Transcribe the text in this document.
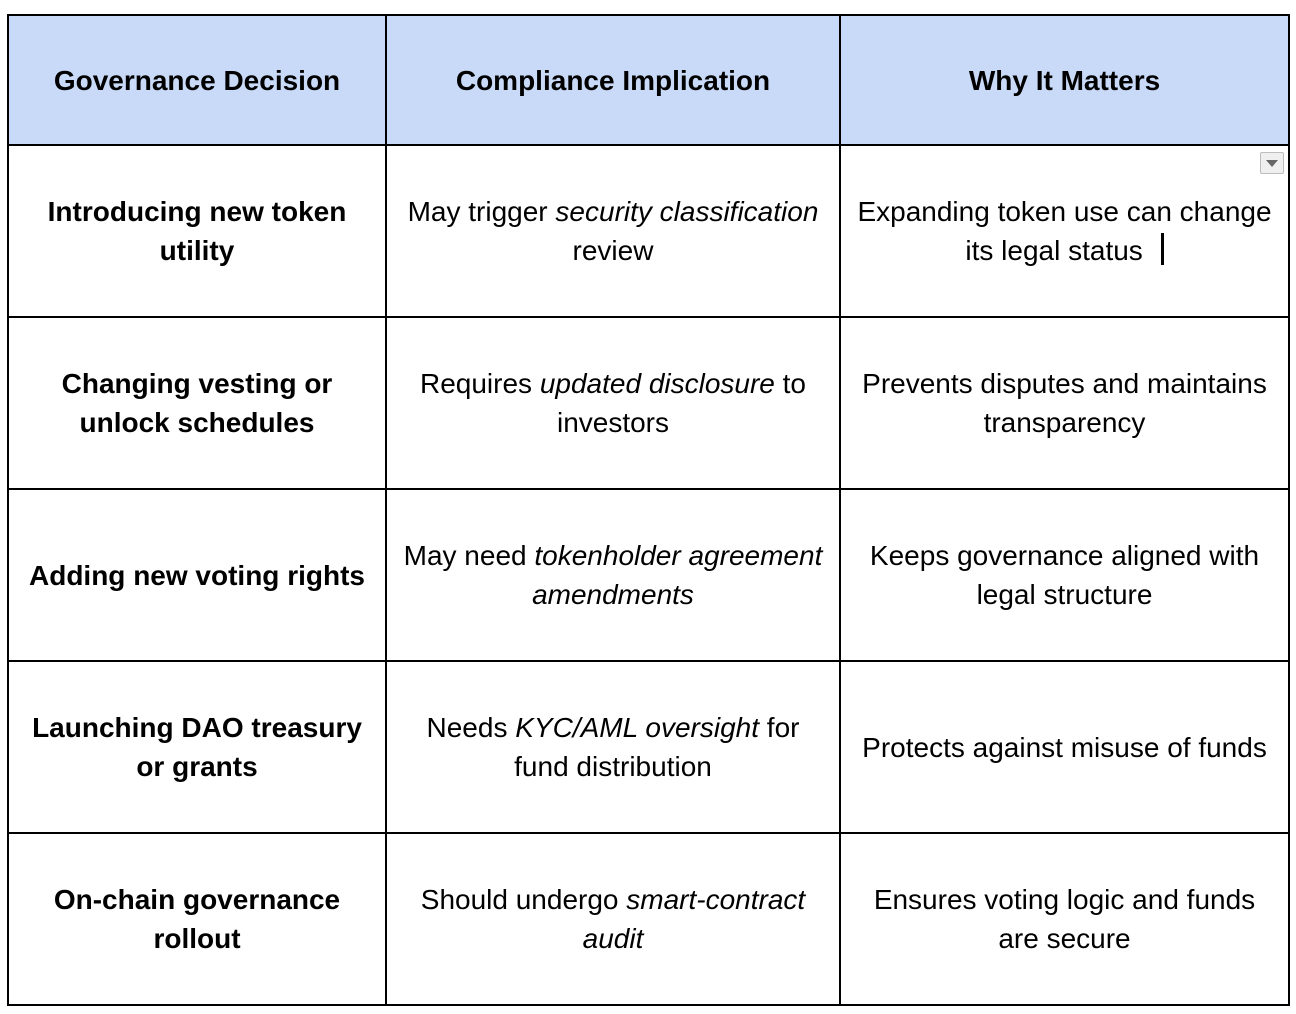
Governance Decision	Compliance Implication	Why It Matters
Introducing new token utility	May trigger security classification review	Expanding token use can change its legal status

Changing vesting or unlock schedules	Requires updated disclosure to investors	Prevents disputes and maintains transparency
Adding new voting rights	May need tokenholder agreement amendments	Keeps governance aligned with legal structure
Launching DAO treasury or grants	Needs KYC/AML oversight for fund distribution	Protects against misuse of funds
On-chain governance rollout	Should undergo smart-contract audit	Ensures voting logic and funds are secure
